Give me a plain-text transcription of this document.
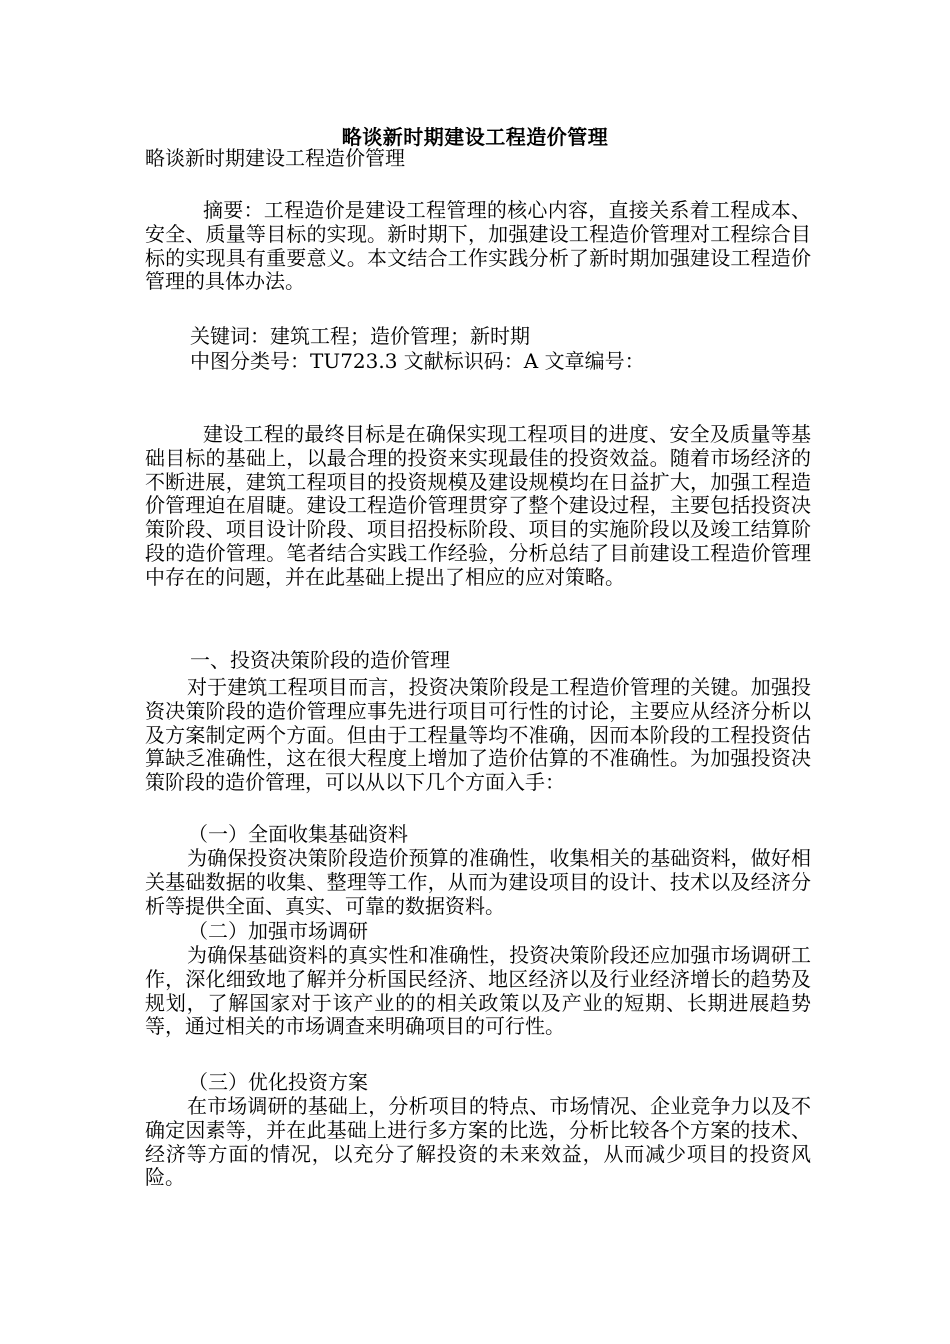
略谈新时期建设工程造价管理
略谈新时期建设工程造价管理
摘要：工程造价是建设工程管理的核心内容，直接关系着工程成本、安全、质量等目标的实现。新时期下，加强建设工程造价管理对工程综合目标的实现具有重要意义。本文结合工作实践分析了新时期加强建设工程造价管理的具体办法。
关键词：建筑工程；造价管理；新时期
中图分类号：TU723.3 文献标识码：A 文章编号：
建设工程的最终目标是在确保实现工程项目的进度、安全及质量等基础目标的基础上，以最合理的投资来实现最佳的投资效益。随着市场经济的不断进展，建筑工程项目的投资规模及建设规模均在日益扩大，加强工程造价管理迫在眉睫。建设工程造价管理贯穿了整个建设过程，主要包括投资决策阶段、项目设计阶段、项目招投标阶段、项目的实施阶段以及竣工结算阶段的造价管理。笔者结合实践工作经验，分析总结了目前建设工程造价管理中存在的问题，并在此基础上提出了相应的应对策略。
一、投资决策阶段的造价管理
对于建筑工程项目而言，投资决策阶段是工程造价管理的关键。加强投资决策阶段的造价管理应事先进行项目可行性的讨论，主要应从经济分析以及方案制定两个方面。但由于工程量等均不准确，因而本阶段的工程投资估算缺乏准确性，这在很大程度上增加了造价估算的不准确性。为加强投资决策阶段的造价管理，可以从以下几个方面入手：
（一）全面收集基础资料
为确保投资决策阶段造价预算的准确性，收集相关的基础资料，做好相关基础数据的收集、整理等工作，从而为建设项目的设计、技术以及经济分析等提供全面、真实、可靠的数据资料。
（二）加强市场调研
为确保基础资料的真实性和准确性，投资决策阶段还应加强市场调研工作，深化细致地了解并分析国民经济、地区经济以及行业经济增长的趋势及规划，了解国家对于该产业的的相关政策以及产业的短期、长期进展趋势等，通过相关的市场调查来明确项目的可行性。
（三）优化投资方案
在市场调研的基础上，分析项目的特点、市场情况、企业竞争力以及不确定因素等，并在此基础上进行多方案的比选，分析比较各个方案的技术、经济等方面的情况，以充分了解投资的未来效益，从而减少项目的投资风险。
